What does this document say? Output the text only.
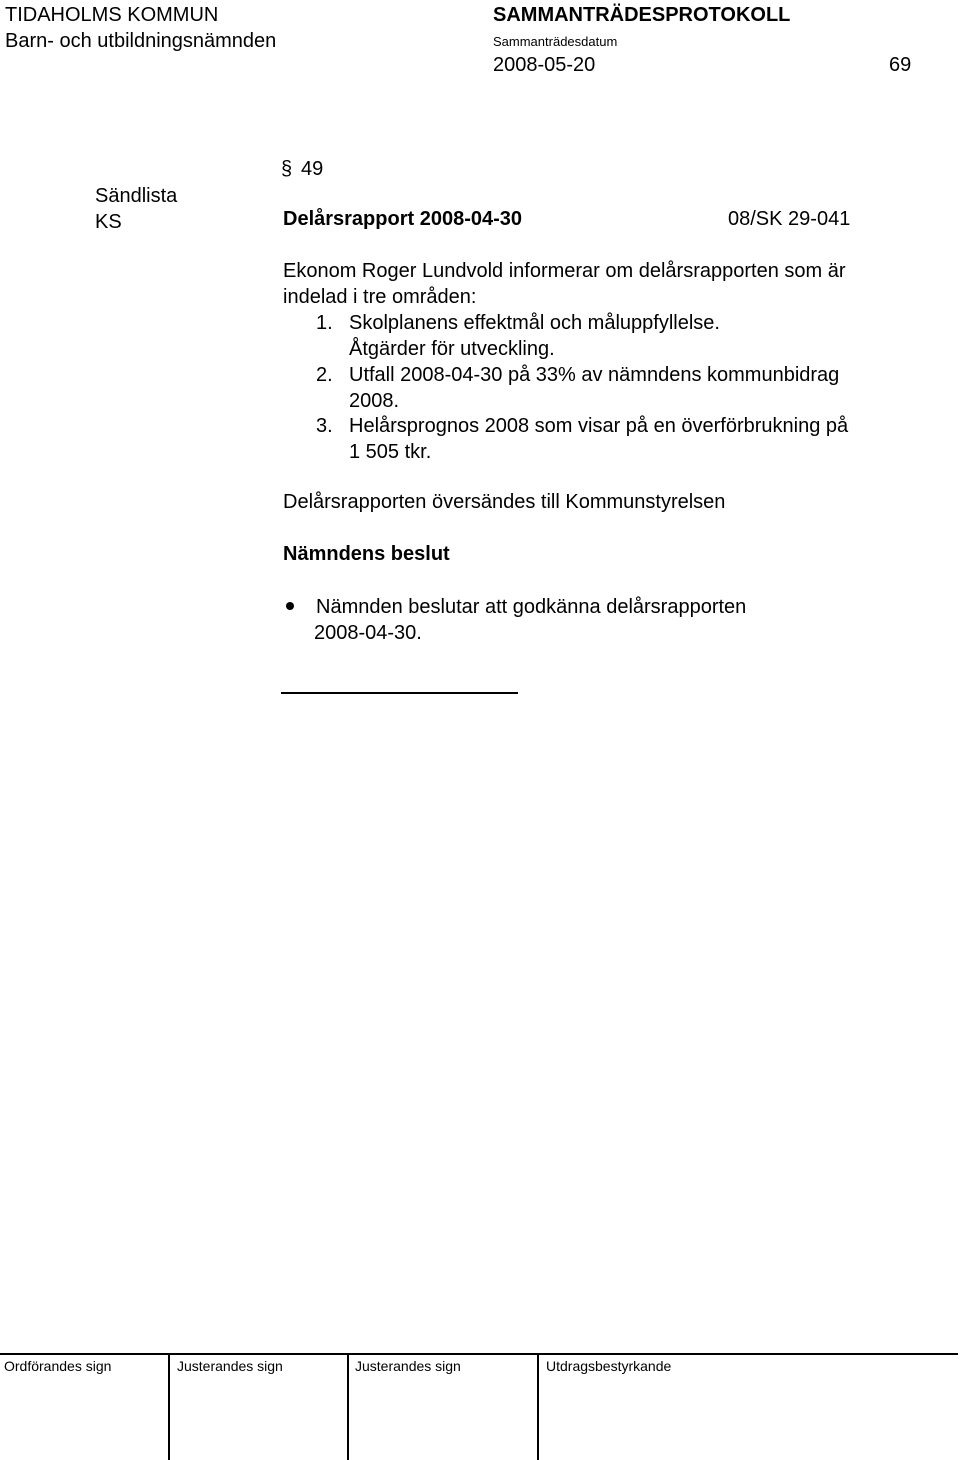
TIDAHOLMS KOMMUN
Barn- och utbildningsnämnden
SAMMANTRÄDESPROTOKOLL
Sammanträdesdatum
2008-05-20	69
§ 49
Sändlista
KS	Delårsrapport 2008-04-30	08/SK 29-041
Ekonom Roger Lundvold informerar om delårsrapporten som är
indelad i tre områden:
1. Skolplanens effektmål och måluppfyllelse.
Åtgärder för utveckling.
2. Utfall 2008-04-30 på 33% av nämndens kommunbidrag
2008.
3. Helårsprognos 2008 som visar på en överförbrukning på
1 505 tkr.
Delårsrapporten översändes till Kommunstyrelsen
Nämndens beslut
Nämnden beslutar att godkänna delårsrapporten
2008-04-30.
Ordförandes sign	Justerandes sign	Justerandes sign	Utdragsbestyrkande
